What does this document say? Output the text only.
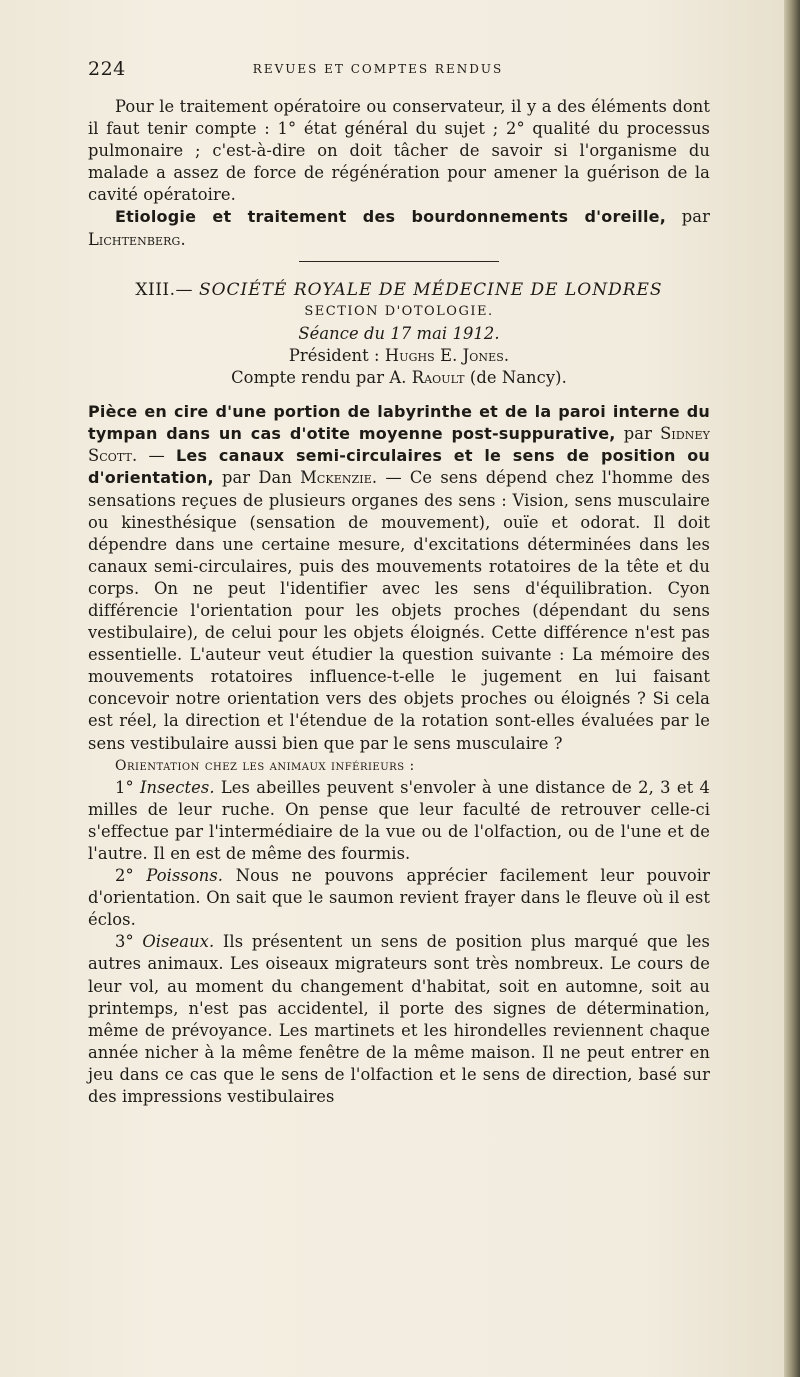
224	REVUES ET COMPTES RENDUS

Pour le traitement opératoire ou conservateur, il y a des éléments dont il faut tenir compte : 1° état général du sujet ; 2° qualité du processus pulmonaire ; c'est-à-dire on doit tâcher de savoir si l'organisme du malade a assez de force de régénération pour amener la guérison de la cavité opératoire.

Etiologie et traitement des bourdonnements d'oreille, par Lichtenberg.

XIII.— SOCIÉTÉ ROYALE DE MÉDECINE DE LONDRES

SECTION D'OTOLOGIE.

Séance du 17 mai 1912.

Président : Hughs E. Jones.

Compte rendu par A. Raoult (de Nancy).

Pièce en cire d'une portion de labyrinthe et de la paroi interne du tympan dans un cas d'otite moyenne post-suppurative, par Sidney Scott. — Les canaux semi-circulaires et le sens de position ou d'orientation, par Dan Mckenzie. — Ce sens dépend chez l'homme des sensations reçues de plusieurs organes des sens : Vision, sens musculaire ou kinesthésique (sensation de mouvement), ouïe et odorat. Il doit dépendre dans une certaine mesure, d'excitations déterminées dans les canaux semi-circulaires, puis des mouvements rotatoires de la tête et du corps. On ne peut l'identifier avec les sens d'équilibration. Cyon différencie l'orientation pour les objets proches (dépendant du sens vestibulaire), de celui pour les objets éloignés. Cette différence n'est pas essentielle. L'auteur veut étudier la question suivante : La mémoire des mouvements rotatoires influence-t-elle le jugement en lui faisant concevoir notre orientation vers des objets proches ou éloignés ? Si cela est réel, la direction et l'étendue de la rotation sont-elles évaluées par le sens vestibulaire aussi bien que par le sens musculaire ?

Orientation chez les animaux inférieurs :

1° Insectes. Les abeilles peuvent s'envoler à une distance de 2, 3 et 4 milles de leur ruche. On pense que leur faculté de retrouver celle-ci s'effectue par l'intermédiaire de la vue ou de l'olfaction, ou de l'une et de l'autre. Il en est de même des fourmis.

2° Poissons. Nous ne pouvons apprécier facilement leur pouvoir d'orientation. On sait que le saumon revient frayer dans le fleuve où il est éclos.

3° Oiseaux. Ils présentent un sens de position plus marqué que les autres animaux. Les oiseaux migrateurs sont très nombreux. Le cours de leur vol, au moment du changement d'habitat, soit en automne, soit au printemps, n'est pas accidentel, il porte des signes de détermination, même de prévoyance. Les martinets et les hirondelles reviennent chaque année nicher à la même fenêtre de la même maison. Il ne peut entrer en jeu dans ce cas que le sens de l'olfaction et le sens de direction, basé sur des impressions vestibulaires
